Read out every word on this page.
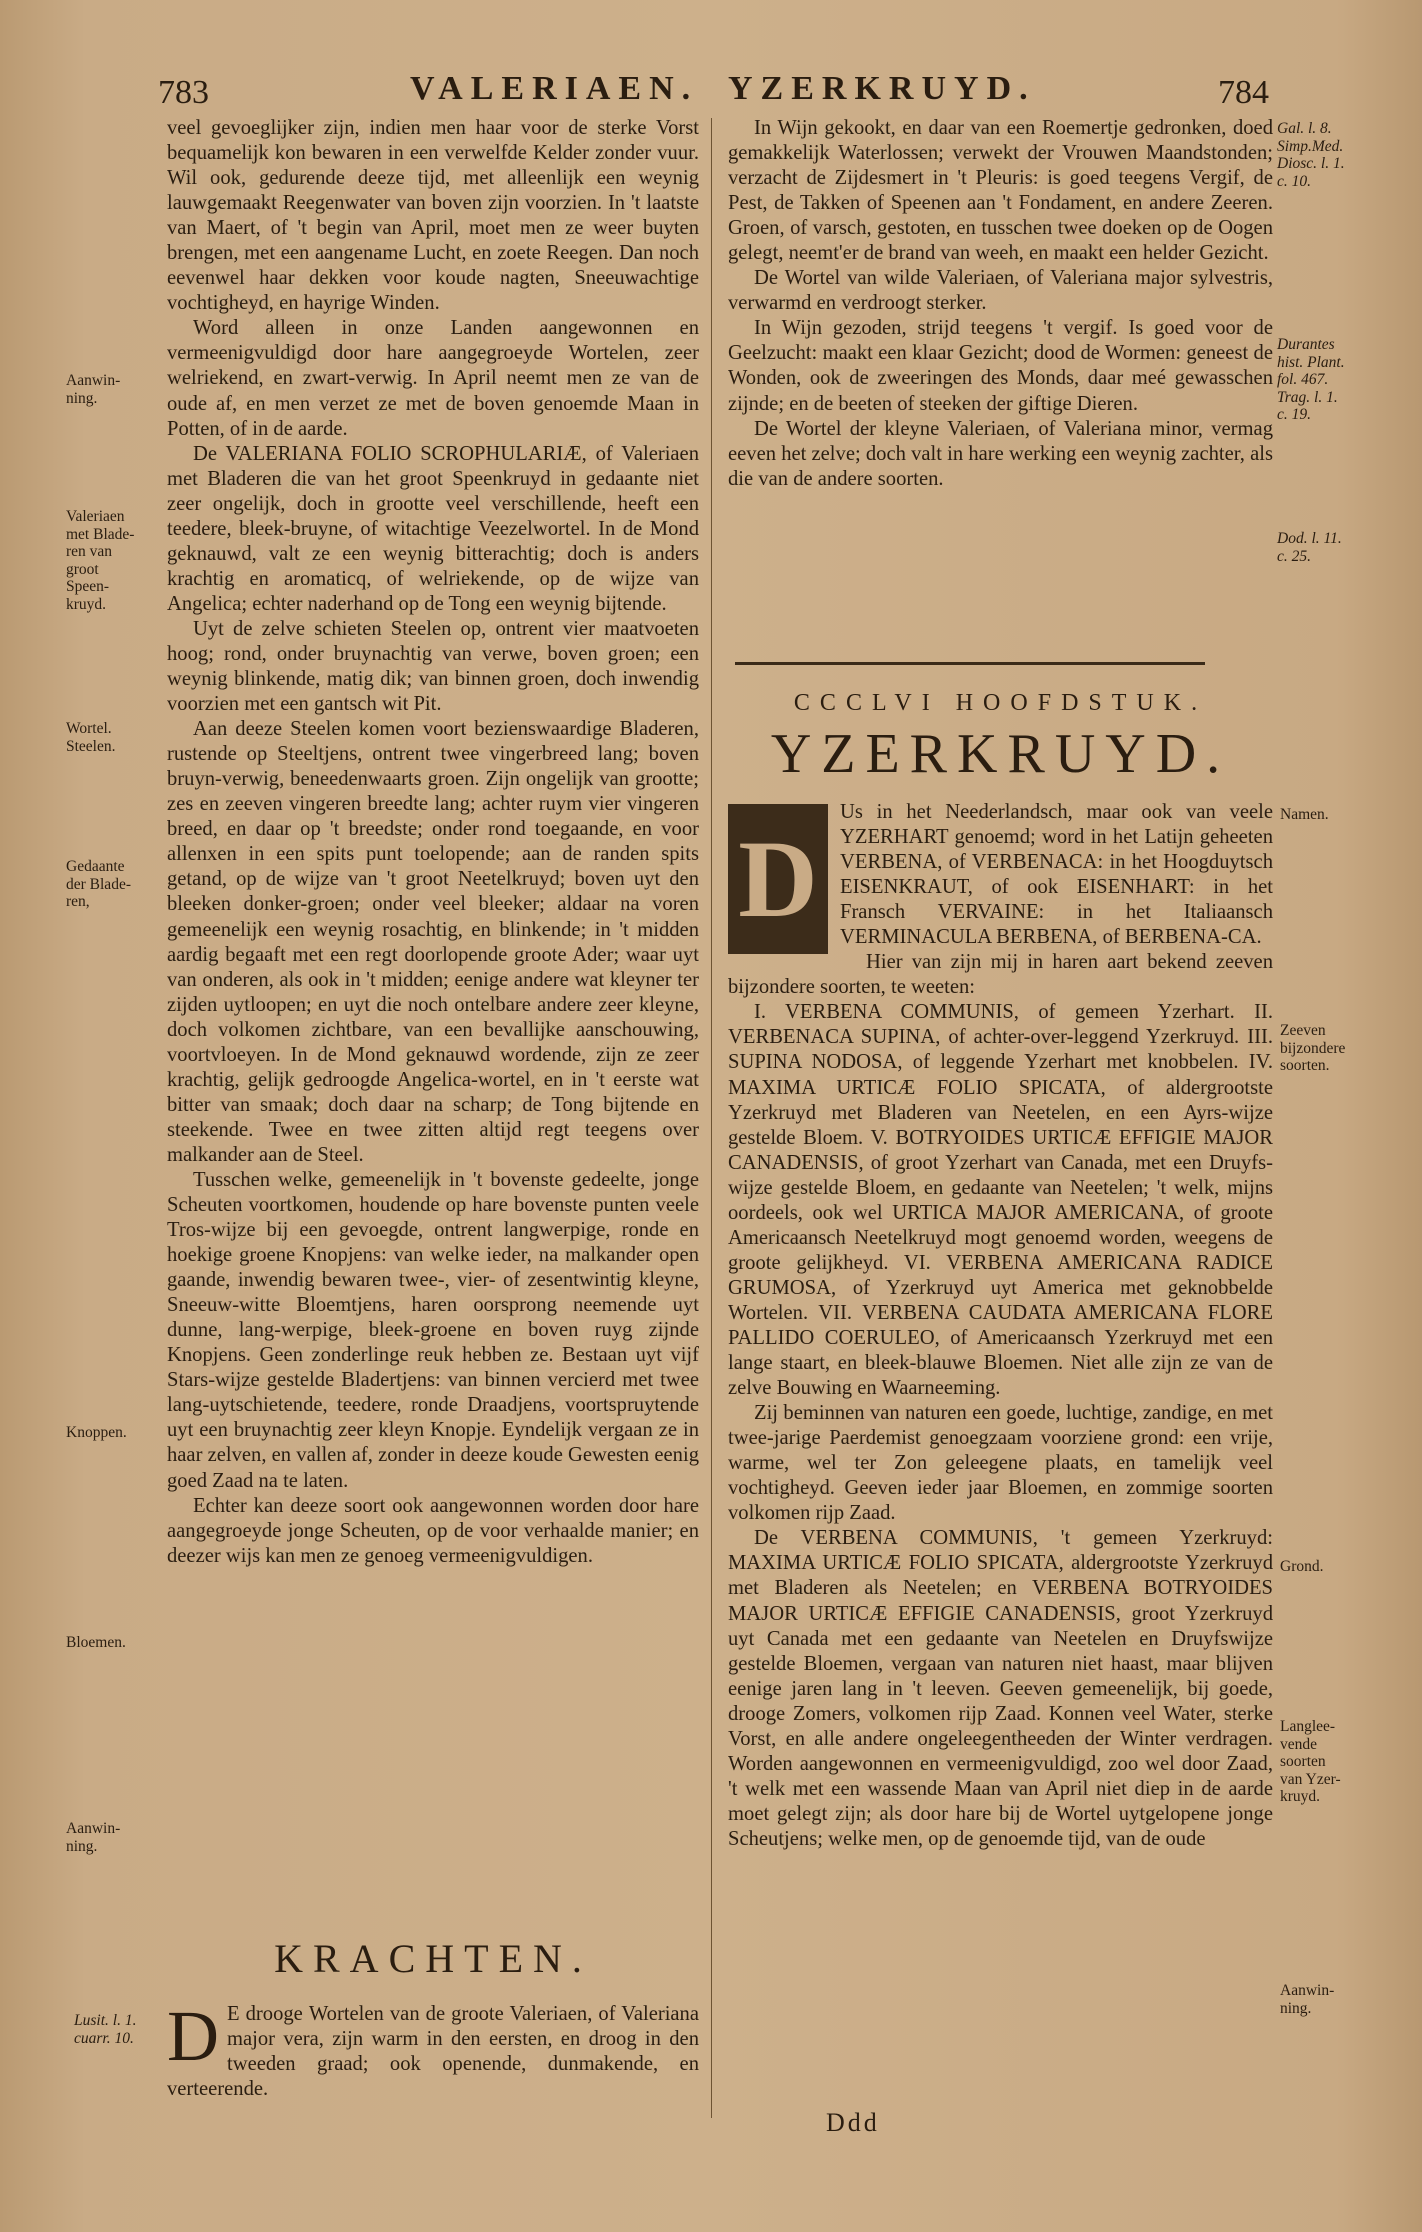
783	VALERIAEN. YZERKRUYD.	784

veel gevoeglijker zijn, indien men haar voor de sterke Vorst bequamelijk kon bewaren in een verwelfde Kelder zonder vuur. Wil ook, gedurende deeze tijd, met alleenlijk een weynig lauwgemaakt Reegenwater van boven zijn voorzien. In 't laatste van Maert, of 't begin van April, moet men ze weer buyten brengen, met een aangename Lucht, en zoete Reegen. Dan noch eevenwel haar dekken voor koude nagten, Sneeuwachtige vochtigheyd, en hayrige Winden.

Word alleen in onze Landen aangewonnen en vermeenigvuldigd door hare aangegroeyde Wortelen, zeer welriekend, en zwart-verwig. In April neemt men ze van de oude af, en men verzet ze met de boven genoemde Maan in Potten, of in de aarde.

De VALERIANA FOLIO SCROPHULARIÆ, of Valeriaen met Bladeren die van het groot Speenkruyd in gedaante niet zeer ongelijk, doch in grootte veel verschillende, heeft een teedere, bleek-bruyne, of witachtige Veezelwortel. In de Mond geknauwd, valt ze een weynig bitterachtig; doch is anders krachtig en aromaticq, of welriekende, op de wijze van Angelica; echter naderhand op de Tong een weynig bijtende.

Uyt de zelve schieten Steelen op, ontrent vier maatvoeten hoog; rond, onder bruynachtig van verwe, boven groen; een weynig blinkende, matig dik; van binnen groen, doch inwendig voorzien met een gantsch wit Pit.

Aan deeze Steelen komen voort bezienswaardige Bladeren, rustende op Steeltjens, ontrent twee vingerbreed lang; boven bruyn-verwig, beneedenwaarts groen. Zijn ongelijk van grootte; zes en zeeven vingeren breedte lang; achter ruym vier vingeren breed, en daar op 't breedste; onder rond toegaande, en voor allenxen in een spits punt toelopende; aan de randen spits getand, op de wijze van 't groot Neetelkruyd; boven uyt den bleeken donker-groen; onder veel bleeker; aldaar na voren gemeenelijk een weynig rosachtig, en blinkende; in 't midden aardig begaaft met een regt doorlopende groote Ader; waar uyt van onderen, als ook in 't midden; eenige andere wat kleyner ter zijden uytloopen; en uyt die noch ontelbare andere zeer kleyne, doch volkomen zichtbare, van een bevallijke aanschouwing, voortvloeyen. In de Mond geknauwd wordende, zijn ze zeer krachtig, gelijk gedroogde Angelica-wortel, en in 't eerste wat bitter van smaak; doch daar na scharp; de Tong bijtende en steekende. Twee en twee zitten altijd regt teegens over malkander aan de Steel.

Tusschen welke, gemeenelijk in 't bovenste gedeelte, jonge Scheuten voortkomen, houdende op hare bovenste punten veele Tros-wijze bij een gevoegde, ontrent langwerpige, ronde en hoekige groene Knopjens: van welke ieder, na malkander open gaande, inwendig bewaren twee-, vier- of zesentwintig kleyne, Sneeuw-witte Bloemtjens, haren oorsprong neemende uyt dunne, lang-werpige, bleek-groene en boven ruyg zijnde Knopjens. Geen zonderlinge reuk hebben ze. Bestaan uyt vijf Stars-wijze gestelde Bladertjens: van binnen vercierd met twee lang-uytschietende, teedere, ronde Draadjens, voortspruytende uyt een bruynachtig zeer kleyn Knopje. Eyndelijk vergaan ze in haar zelven, en vallen af, zonder in deeze koude Gewesten eenig goed Zaad na te laten.

Echter kan deeze soort ook aangewonnen worden door hare aangegroeyde jonge Scheuten, op de voor verhaalde manier; en deezer wijs kan men ze genoeg vermeenigvuldigen.

KRACHTEN.
D E droogе Wortelen van de groote Valeriaen, of Valeriana major vera, zijn warm in den eersten, en droog in den tweeden graad; ook openende, dunmakende, en verteerende.

Aanwin-
ning.
Valeriaen
met Blade-
ren van
groot
Speen-
kruyd.
Wortel.
Steelen.
Gedaante
der Blade-
ren,
Knoppen.
Bloemen.
Aanwin-
ning.
Lusit. l. 1.
cuarr. 10.

In Wijn gekookt, en daar van een Roemertje gedronken, doed gemakkelijk Waterlossen; verwekt der Vrouwen Maandstonden; verzacht de Zijdesmert in 't Pleuris: is goed teegens Vergif, de Pest, de Takken of Speenen aan 't Fondament, en andere Zeeren. Groen, of varsch, gestoten, en tusschen twee doeken op de Oogen gelegt, neemt'er de brand van weeh, en maakt een helder Gezicht.

De Wortel van wilde Valeriaen, of Valeriana major sylvestris, verwarmd en verdroogt sterker.

In Wijn gezoden, strijd teegens 't vergif. Is goed voor de Geelzucht: maakt een klaar Gezicht; dood de Wormen: geneest de Wonden, ook de zweeringen des Monds, daar meé gewasschen zijnde; en de beeten of steeken der giftige Dieren.

De Wortel der kleyne Valeriaen, of Valeriana minor, vermag eeven het zelve; doch valt in hare werking een weynig zachter, als die van de andere soorten.

CCCLVI HOOFDSTUK.
YZERKRUYD.
D

Us in het Neederlandsch, maar ook van veele YZERHART genoemd; word in het Latijn geheeten VERBENA, of VERBENACA: in het Hoogduytsch EISENKRAUT, of ook EISENHART: in het Fransch VERVAINE: in het Italiaansch VERMINACULA BERBENA, of BERBENA-CA.

Hier van zijn mij in haren aart bekend zeeven bijzondere soorten, te weeten:

I. VERBENA COMMUNIS, of gemeen Yzerhart. II. VERBENACA SUPINA, of achter-over-leggend Yzerkruyd. III. SUPINA NODOSA, of leggende Yzerhart met knobbelen. IV. MAXIMA URTICÆ FOLIO SPICATA, of aldergrootste Yzerkruyd met Bladeren van Neetelen, en een Ayrs-wijze gestelde Bloem. V. BOTRYOIDES URTICÆ EFFIGIE MAJOR CANADENSIS, of groot Yzerhart van Canada, met een Druyfs-wijze gestelde Bloem, en gedaante van Neetelen; 't welk, mijns oordeels, ook wel URTICA MAJOR AMERICANA, of groote Americaansch Neetelkruyd mogt genoemd worden, weegens de groote gelijkheyd. VI. VERBENA AMERICANA RADICE GRUMOSA, of Yzerkruyd uyt America met geknobbelde Wortelen. VII. VERBENA CAUDATA AMERICANA FLORE PALLIDO COERULEO, of Americaansch Yzerkruyd met een lange staart, en bleek-blauwe Bloemen. Niet alle zijn ze van de zelve Bouwing en Waarneeming.

Zij beminnen van naturen een goede, luchtige, zandige, en met twee-jarige Paerdemist genoegzaam voorziene grond: een vrije, warme, wel ter Zon geleegene plaats, en tamelijk veel vochtigheyd. Geeven ieder jaar Bloemen, en zommige soorten volkomen rijp Zaad.

De VERBENA COMMUNIS, 't gemeen Yzerkruyd: MAXIMA URTICÆ FOLIO SPICATA, aldergrootste Yzerkruyd met Bladeren als Neetelen; en VERBENA BOTRYOIDES MAJOR URTICÆ EFFIGIE CANADENSIS, groot Yzerkruyd uyt Canada met een gedaante van Neetelen en Druyfswijze gestelde Bloemen, vergaan van naturen niet haast, maar blijven eenige jaren lang in 't leeven. Geeven gemeenelijk, bij goede, droogе Zomers, volkomen rijp Zaad. Konnen veel Water, sterke Vorst, en alle andere ongeleegentheeden der Winter verdragen. Worden aangewonnen en vermeenigvuldigd, zoo wel door Zaad, 't welk met een wassende Maan van April niet diep in de aarde moet gelegt zijn; als door hare bij de Wortel uytgelopene jonge Scheutjens; welke men, op de genoemde tijd, van de oude

Gal. l. 8.
Simp.Med.
Diosc. l. 1.
c. 10.
Durantes
hist. Plant.
fol. 467.
Trag. l. 1.
c. 19.
Dod. l. 11.
c. 25.
Namen.
Zeeven
bijzondere
soorten.
Grond.
Langlee-
vende
soorten
van Yzer-
kruyd.
Aanwin-
ning.
Ddd
